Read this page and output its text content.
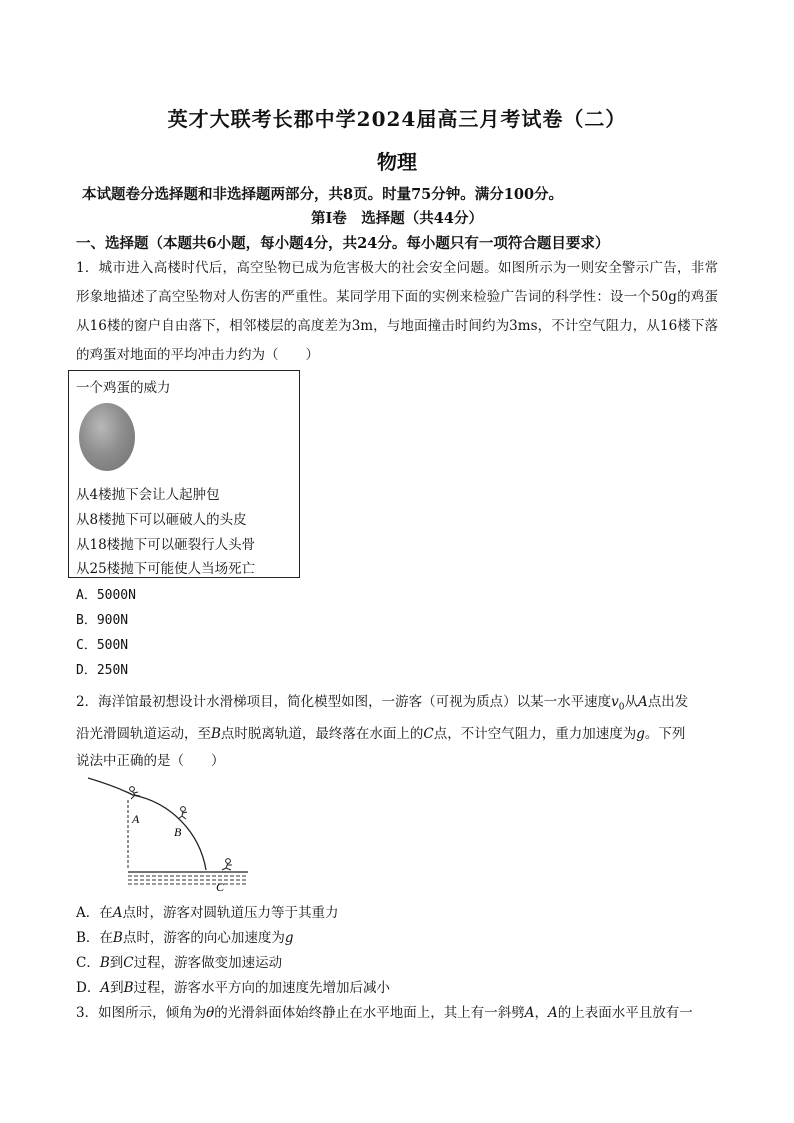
英才大联考长郡中学2024届高三月考试卷（二）
物理
本试题卷分选择题和非选择题两部分，共8页。时量75分钟。满分100分。
第Ⅰ卷　选择题（共44分）
一、选择题（本题共6小题，每小题4分，共24分。每小题只有一项符合题目要求）
1．城市进入高楼时代后，高空坠物已成为危害极大的社会安全问题。如图所示为一则安全警示广告，非常形象地描述了高空坠物对人伤害的严重性。某同学用下面的实例来检验广告词的科学性：设一个50g的鸡蛋从16楼的窗户自由落下，相邻楼层的高度差为3m，与地面撞击时间约为3ms，不计空气阻力，从16楼下落的鸡蛋对地面的平均冲击力约为（　　）
一个鸡蛋的威力
从4楼抛下会让人起肿包
从8楼抛下可以砸破人的头皮
从18楼抛下可以砸裂行人头骨
从25楼抛下可能使人当场死亡
A．5000N
B．900N
C．500N
D．250N
2．海洋馆最初想设计水滑梯项目，简化模型如图，一游客（可视为质点）以某一水平速度$v_0$从A点出发
沿光滑圆轨道运动，至B点时脱离轨道，最终落在水面上的C点，不计空气阻力，重力加速度为g。下列
说法中正确的是（　　）
A
B
C
A．在A点时，游客对圆轨道压力等于其重力
B．在B点时，游客的向心加速度为g
C．B到C过程，游客做变加速运动
D．A到B过程，游客水平方向的加速度先增加后减小
3．如图所示，倾角为θ的光滑斜面体始终静止在水平地面上，其上有一斜劈A，A的上表面水平且放有一
